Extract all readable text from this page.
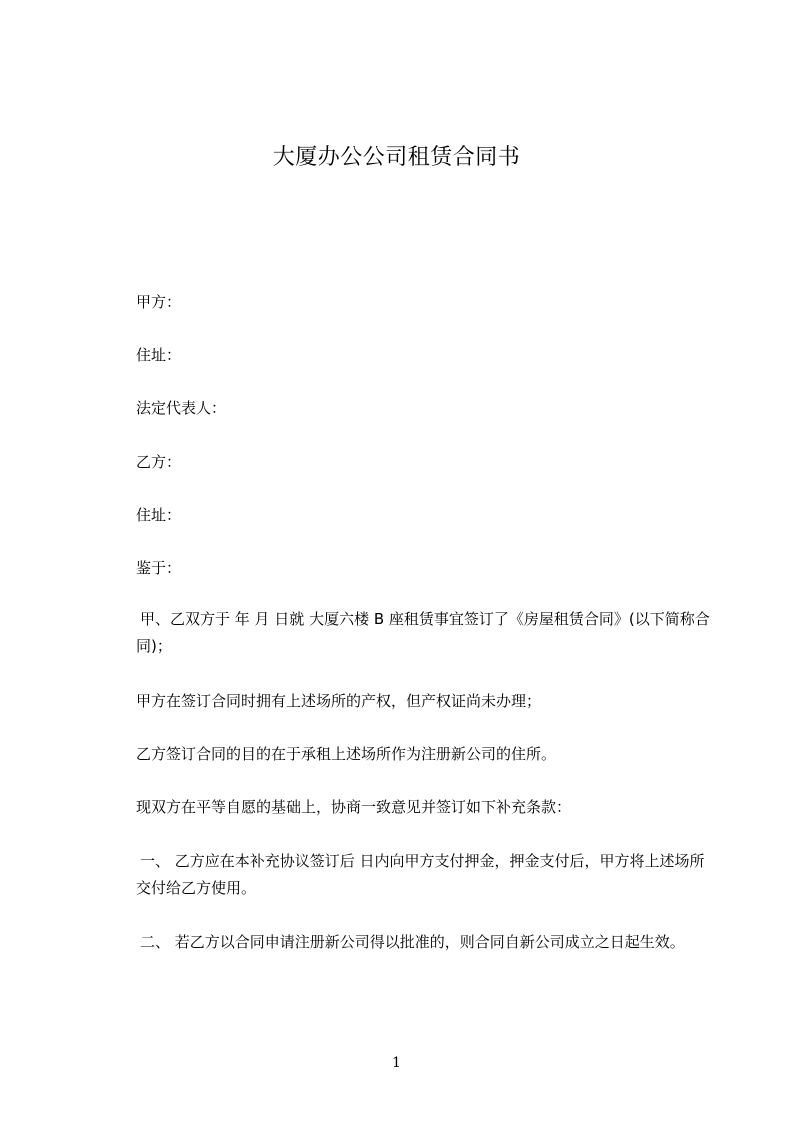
大厦办公公司租赁合同书
甲方：
住址：
法定代表人：
乙方：
住址：
鉴于：
甲、乙双方于 年 月 日就 大厦六楼 B 座租赁事宜签订了《房屋租赁合同》(以下简称合同)；
甲方在签订合同时拥有上述场所的产权，但产权证尚未办理；
乙方签订合同的目的在于承租上述场所作为注册新公司的住所。
现双方在平等自愿的基础上，协商一致意见并签订如下补充条款：
一、 乙方应在本补充协议签订后 日内向甲方支付押金，押金支付后，甲方将上述场所交付给乙方使用。
二、 若乙方以合同申请注册新公司得以批准的，则合同自新公司成立之日起生效。
1
